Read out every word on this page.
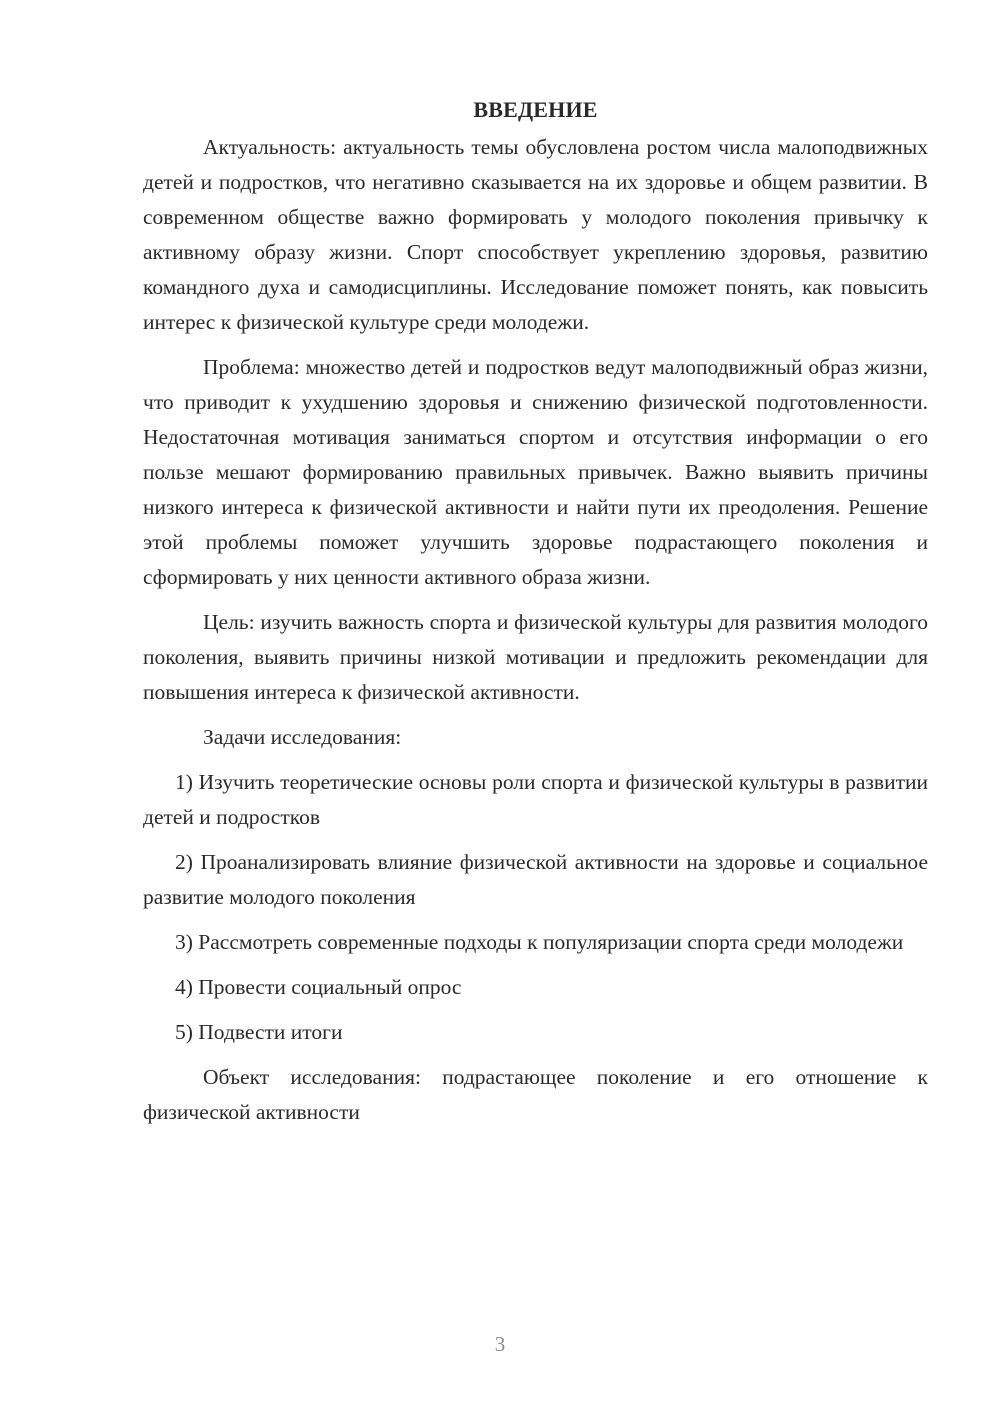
ВВЕДЕНИЕ

Актуальность: актуальность темы обусловлена ростом числа малоподвижных детей и подростков, что негативно сказывается на их здоровье и общем развитии. В современном обществе важно формировать у молодого поколения привычку к активному образу жизни. Спорт способствует укреплению здоровья, развитию командного духа и самодисциплины. Исследование поможет понять, как повысить интерес к физической культуре среди молодежи.

Проблема: множество детей и подростков ведут малоподвижный образ жизни, что приводит к ухудшению здоровья и снижению физической подготовленности. Недостаточная мотивация заниматься спортом и отсутствия информации о его пользе мешают формированию правильных привычек. Важно выявить причины низкого интереса к физической активности и найти пути их преодоления. Решение этой проблемы поможет улучшить здоровье подрастающего поколения и сформировать у них ценности активного образа жизни.

Цель: изучить важность спорта и физической культуры для развития молодого поколения, выявить причины низкой мотивации и предложить рекомендации для повышения интереса к физической активности.

Задачи исследования:

1) Изучить теоретические основы роли спорта и физической культуры в развитии детей и подростков

2) Проанализировать влияние физической активности на здоровье и социальное развитие молодого поколения

3) Рассмотреть современные подходы к популяризации спорта среди молодежи

4) Провести социальный опрос

5) Подвести итоги

Объект исследования: подрастающее поколение и его отношение к физической активности

3
